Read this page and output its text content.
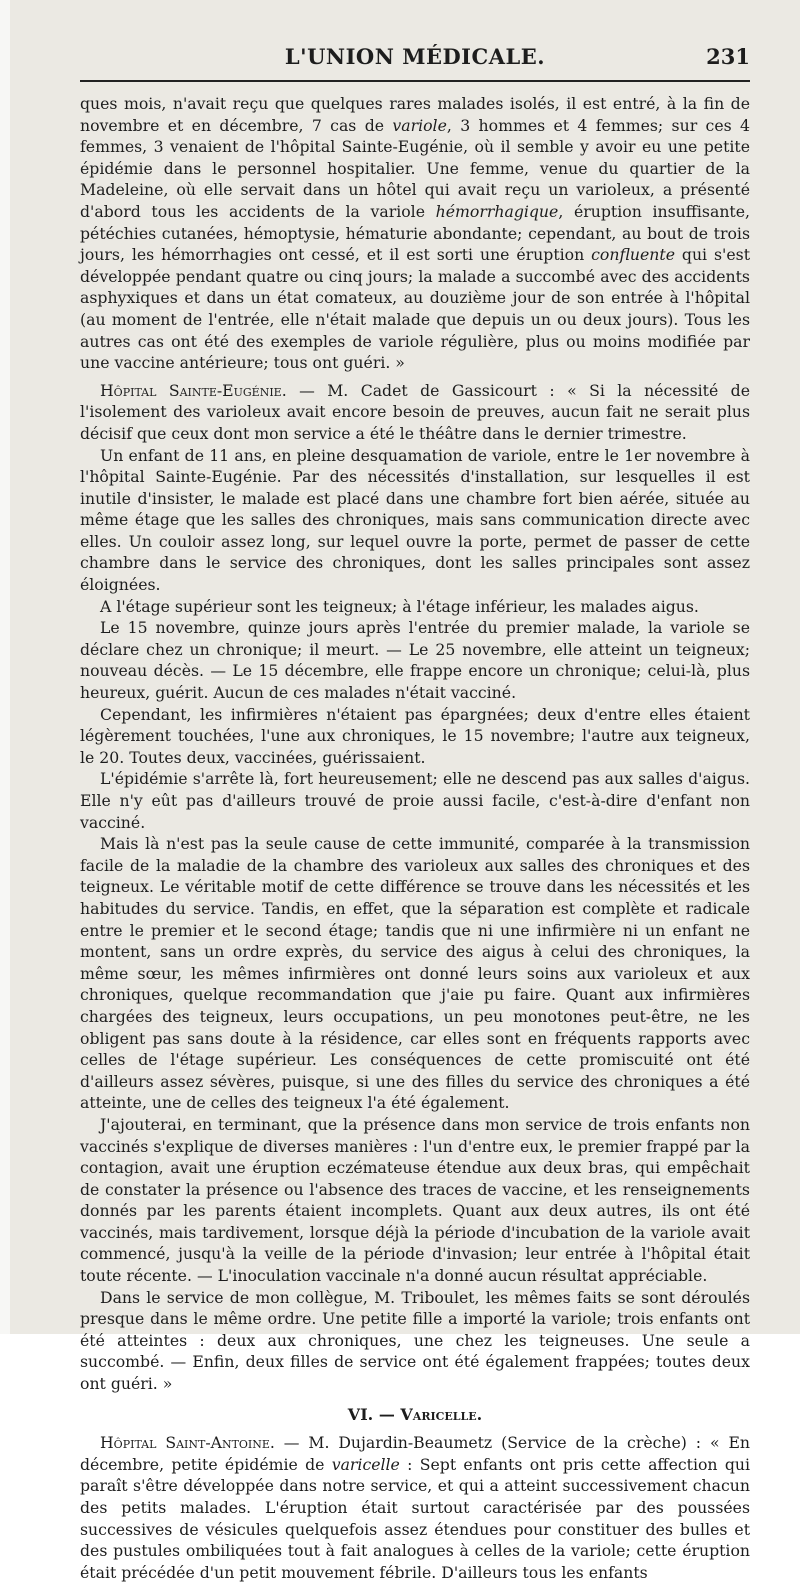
L'UNION MÉDICALE.	231

ques mois, n'avait reçu que quelques rares malades isolés, il est entré, à la fin de novembre et en décembre, 7 cas de variole, 3 hommes et 4 femmes; sur ces 4 femmes, 3 venaient de l'hôpital Sainte-Eugénie, où il semble y avoir eu une petite épidémie dans le personnel hospitalier. Une femme, venue du quartier de la Madeleine, où elle servait dans un hôtel qui avait reçu un varioleux, a présenté d'abord tous les accidents de la variole hémorrhagique, éruption insuffisante, pétéchies cutanées, hémoptysie, hématurie abondante; cependant, au bout de trois jours, les hémorrhagies ont cessé, et il est sorti une éruption confluente qui s'est développée pendant quatre ou cinq jours; la malade a succombé avec des accidents asphyxiques et dans un état comateux, au douzième jour de son entrée à l'hôpital (au moment de l'entrée, elle n'était malade que depuis un ou deux jours). Tous les autres cas ont été des exemples de variole régulière, plus ou moins modifiée par une vaccine antérieure; tous ont guéri. »

Hôpital Sainte-Eugénie. — M. Cadet de Gassicourt : « Si la nécessité de l'isolement des varioleux avait encore besoin de preuves, aucun fait ne serait plus décisif que ceux dont mon service a été le théâtre dans le dernier trimestre.

Un enfant de 11 ans, en pleine desquamation de variole, entre le 1er novembre à l'hôpital Sainte-Eugénie. Par des nécessités d'installation, sur lesquelles il est inutile d'insister, le malade est placé dans une chambre fort bien aérée, située au même étage que les salles des chroniques, mais sans communication directe avec elles. Un couloir assez long, sur lequel ouvre la porte, permet de passer de cette chambre dans le service des chroniques, dont les salles principales sont assez éloignées.

A l'étage supérieur sont les teigneux; à l'étage inférieur, les malades aigus.

Le 15 novembre, quinze jours après l'entrée du premier malade, la variole se déclare chez un chronique; il meurt. — Le 25 novembre, elle atteint un teigneux; nouveau décès. — Le 15 décembre, elle frappe encore un chronique; celui-là, plus heureux, guérit. Aucun de ces malades n'était vacciné.

Cependant, les infirmières n'étaient pas épargnées; deux d'entre elles étaient légèrement touchées, l'une aux chroniques, le 15 novembre; l'autre aux teigneux, le 20. Toutes deux, vaccinées, guérissaient.

L'épidémie s'arrête là, fort heureusement; elle ne descend pas aux salles d'aigus. Elle n'y eût pas d'ailleurs trouvé de proie aussi facile, c'est-à-dire d'enfant non vacciné.

Mais là n'est pas la seule cause de cette immunité, comparée à la transmission facile de la maladie de la chambre des varioleux aux salles des chroniques et des teigneux. Le véritable motif de cette différence se trouve dans les nécessités et les habitudes du service. Tandis, en effet, que la séparation est complète et radicale entre le premier et le second étage; tandis que ni une infirmière ni un enfant ne montent, sans un ordre exprès, du service des aigus à celui des chroniques, la même sœur, les mêmes infirmières ont donné leurs soins aux varioleux et aux chroniques, quelque recommandation que j'aie pu faire. Quant aux infirmières chargées des teigneux, leurs occupations, un peu monotones peut-être, ne les obligent pas sans doute à la résidence, car elles sont en fréquents rapports avec celles de l'étage supérieur. Les conséquences de cette promiscuité ont été d'ailleurs assez sévères, puisque, si une des filles du service des chroniques a été atteinte, une de celles des teigneux l'a été également.

J'ajouterai, en terminant, que la présence dans mon service de trois enfants non vaccinés s'explique de diverses manières : l'un d'entre eux, le premier frappé par la contagion, avait une éruption eczémateuse étendue aux deux bras, qui empêchait de constater la présence ou l'absence des traces de vaccine, et les renseignements donnés par les parents étaient incomplets. Quant aux deux autres, ils ont été vaccinés, mais tardivement, lorsque déjà la période d'incubation de la variole avait commencé, jusqu'à la veille de la période d'invasion; leur entrée à l'hôpital était toute récente. — L'inoculation vaccinale n'a donné aucun résultat appréciable.

Dans le service de mon collègue, M. Triboulet, les mêmes faits se sont déroulés presque dans le même ordre. Une petite fille a importé la variole; trois enfants ont été atteintes : deux aux chroniques, une chez les teigneuses. Une seule a succombé. — Enfin, deux filles de service ont été également frappées; toutes deux ont guéri. »

VI. — Varicelle.

Hôpital Saint-Antoine. — M. Dujardin-Beaumetz (Service de la crèche) : « En décembre, petite épidémie de varicelle : Sept enfants ont pris cette affection qui paraît s'être développée dans notre service, et qui a atteint successivement chacun des petits malades. L'éruption était surtout caractérisée par des poussées successives de vésicules quelquefois assez étendues pour constituer des bulles et des pustules ombiliquées tout à fait analogues à celles de la variole; cette éruption était précédée d'un petit mouvement fébrile. D'ailleurs tous les enfants
